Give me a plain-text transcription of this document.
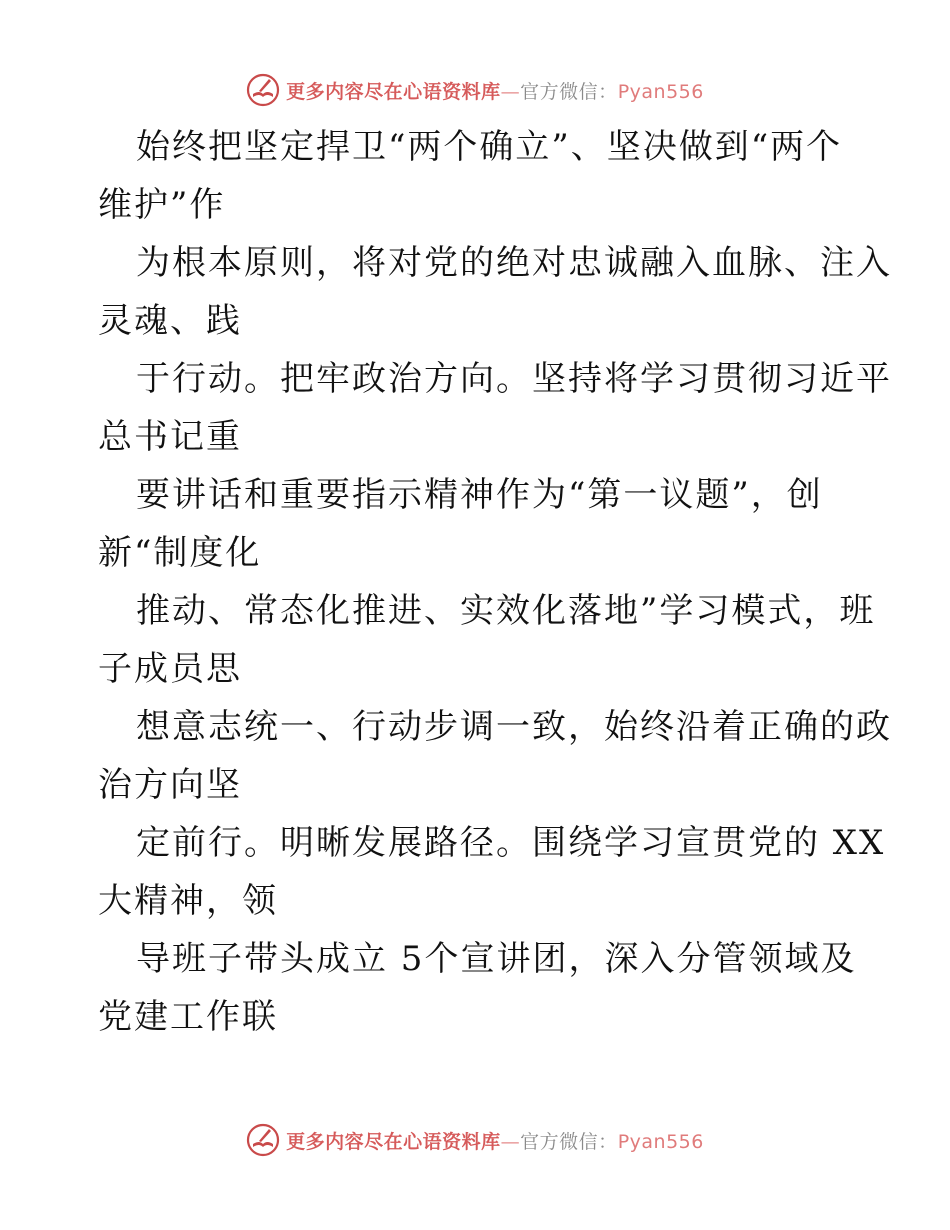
更多内容尽在心语资料库—官方微信：Pyan556
始终把坚定捍卫“两个确立”、坚决做到“两个
维护”作
为根本原则，将对党的绝对忠诚融入血脉、注入
灵魂、践
于行动。把牢政治方向。坚持将学习贯彻习近平
总书记重
要讲话和重要指示精神作为“第一议题”，创
新“制度化
推动、常态化推进、实效化落地”学习模式，班
子成员思
想意志统一、行动步调一致，始终沿着正确的政
治方向坚
定前行。明晰发展路径。围绕学习宣贯党的 XX
大精神，领
导班子带头成立 5个宣讲团，深入分管领域及
党建工作联
更多内容尽在心语资料库—官方微信：Pyan556
